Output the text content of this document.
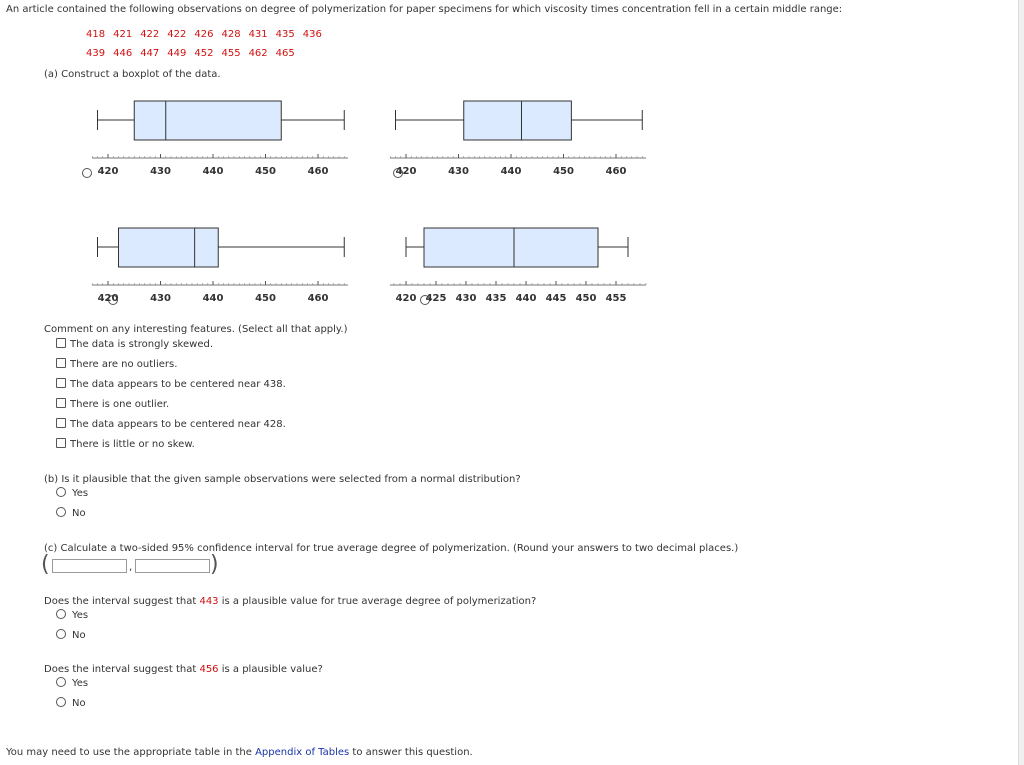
An article contained the following observations on degree of polymerization for paper specimens for which viscosity times concentration fell in a certain middle range:
418 421 422 422 426 428 431 435 436
439 446 447 449 452 455 462 465
(a) Construct a boxplot of the data.

420	430	440	450	460	420	430	440	450	460
420	430	440	450	460	420 425 430 435 440 445 450 455
Comment on any interesting features. (Select all that apply.)
The data is strongly skewed.
There are no outliers.
The data appears to be centered near 438.
There is one outlier.
The data appears to be centered near 428.
There is little or no skew.
(b) Is it plausible that the given sample observations were selected from a normal distribution?
Yes
No
(c) Calculate a two-sided 95% confidence interval for true average degree of polymerization. (Round your answers to two decimal places.)
(	,	)
Does the interval suggest that 443 is a plausible value for true average degree of polymerization?
Yes
No
Does the interval suggest that 456 is a plausible value?
Yes
No
You may need to use the appropriate table in the Appendix of Tables to answer this question.
